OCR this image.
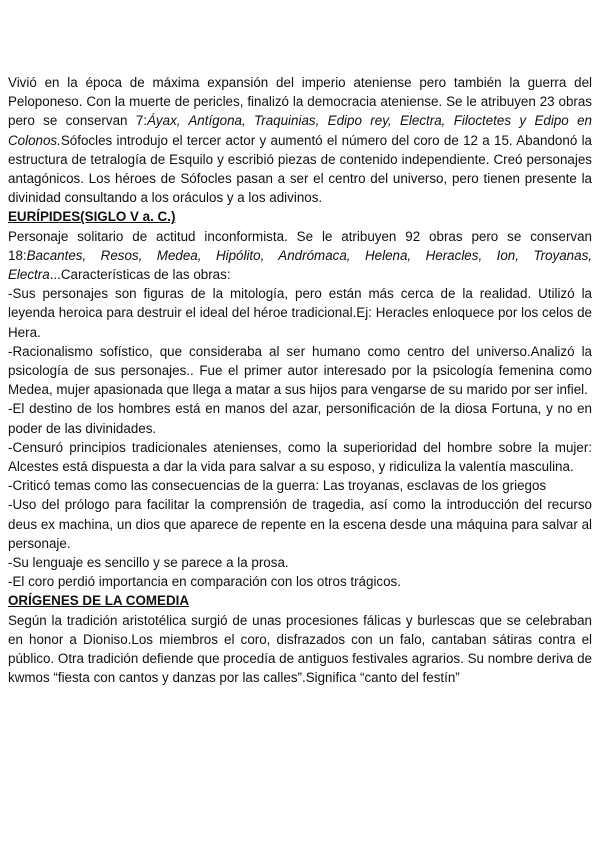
Vivió en la época de máxima expansión del imperio ateniense pero también la guerra del Peloponeso. Con la muerte de pericles, finalizó la democracia ateniense. Se le atribuyen 23 obras pero se conservan 7:Áyax, Antígona, Traquinias, Edipo rey, Electra, Filoctetes y Edipo en Colonos.Sófocles introdujo el tercer actor y aumentó el número del coro de 12 a 15. Abandonó la estructura de tetralogía de Esquilo y escribió piezas de contenido independiente. Creó personajes antagónicos. Los héroes de Sófocles pasan a ser el centro del universo, pero tienen presente la divinidad consultando a los oráculos y a los adivinos.

EURÍPIDES(SIGLO V a. C.)

Personaje solitario de actitud inconformista. Se le atribuyen 92 obras pero se conservan 18:Bacantes, Resos, Medea, Hipólito, Andrómaca, Helena, Heracles, Ion, Troyanas, Electra...Características de las obras:

-Sus personajes son figuras de la mitología, pero están más cerca de la realidad. Utilizó la leyenda heroica para destruir el ideal del héroe tradicional.Ej: Heracles enloquece por los celos de Hera.

-Racionalismo sofístico, que consideraba al ser humano como centro del universo.Analizó la psicología de sus personajes.. Fue el primer autor interesado por la psicología femenina como Medea, mujer apasionada que llega a matar a sus hijos para vengarse de su marido por ser infiel.

-El destino de los hombres está en manos del azar, personificación de la diosa Fortuna, y no en poder de las divinidades.

-Censuró principios tradicionales atenienses, como la superioridad del hombre sobre la mujer: Alcestes está dispuesta a dar la vida para salvar a su esposo, y ridiculiza la valentía masculina.

-Criticó temas como las consecuencias de la guerra: Las troyanas, esclavas de los griegos

-Uso del prólogo para facilitar la comprensión de tragedia, así como la introducción del recurso deus ex machina, un dios que aparece de repente en la escena desde una máquina para salvar al personaje.

-Su lenguaje es sencillo y se parece a la prosa.

-El coro perdió importancia en comparación con los otros trágicos.

ORÍGENES DE LA COMEDIA

Según la tradición aristotélica surgió de unas procesiones fálicas y burlescas que se celebraban en honor a Dioniso.Los miembros el coro, disfrazados con un falo, cantaban sátiras contra el público. Otra tradición defiende que procedía de antiguos festivales agrarios. Su nombre deriva de kwmos “fiesta con cantos y danzas por las calles”.Significa “canto del festín”
